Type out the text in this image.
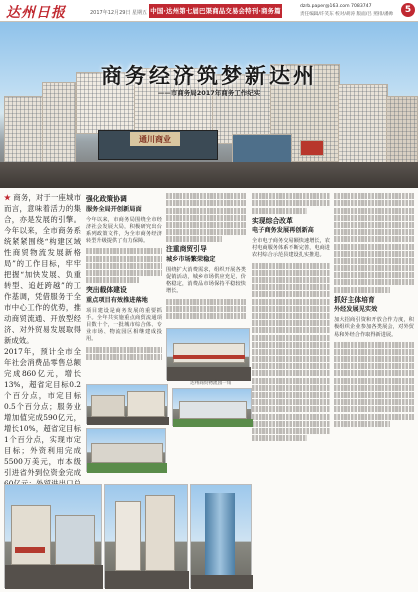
达州日报	2017年12月29日 星期五 中国·达州第七届巴渠商品交易会特刊·商务篇
dzrb.paper@163.com 7083747
责任编辑/许笑东 校对/胡涛 版面/吕 照排/潘帅	5
通川商业
商务经济筑梦新达州
——市商务局2017年商务工作纪实
★ 商务，对于一座城市而言，意味着活力的集合，亦是发展的引擎。今年以来，全市商务系统紧紧围绕“构建区域性商贸物流发展新格局”的工作目标，牢牢把握“加快发展、负重转型、追赶跨越”的工作基调，凭借服务于全市中心工作的优势，推动商贸流通、开放型经济、对外贸易发展取得新成效。
2017年，预计全市全年社会消费品零售总额完成860亿元，增长13%，超省定目标0.2个百分点，市定目标0.5个百分点；服务业增加值完成590亿元，增长10%，超省定目标1个百分点，实现市定目标；外资利用完成5500万美元，市本级引进省外到位资金完成

强化政策协调
服务全局开创新局面
今年以来，市商务局围绕全市经济社会发展大局，积极研究出台系列政策文件，为全市商务经济转型升级提供了有力保障。
突出载体建设
重点项目有效推进落地
项目建设是商务发展的重要抓手。全年共实施重点商贸流通项目数十个，一批城市综合体、专业市场、物流园区相继建成投用。
注重商贸引导
城乡市场繁荣稳定
围绕扩大消费需求，组织开展各类促销活动，城乡市场供应充足、价格稳定，消费品市场保持平稳较快增长。
实现综合改革
电子商务发展再创新高
全市电子商务交易额快速增长，农村电商服务体系不断完善，电商进农村综合示范县建设扎实推进。
抓好主体培育
外经发展见实效
加大招商引资和开放合作力度，积极组织企业参加各类展会，对外贸易和外经合作取得新进展。
达州商贸物流园一角
